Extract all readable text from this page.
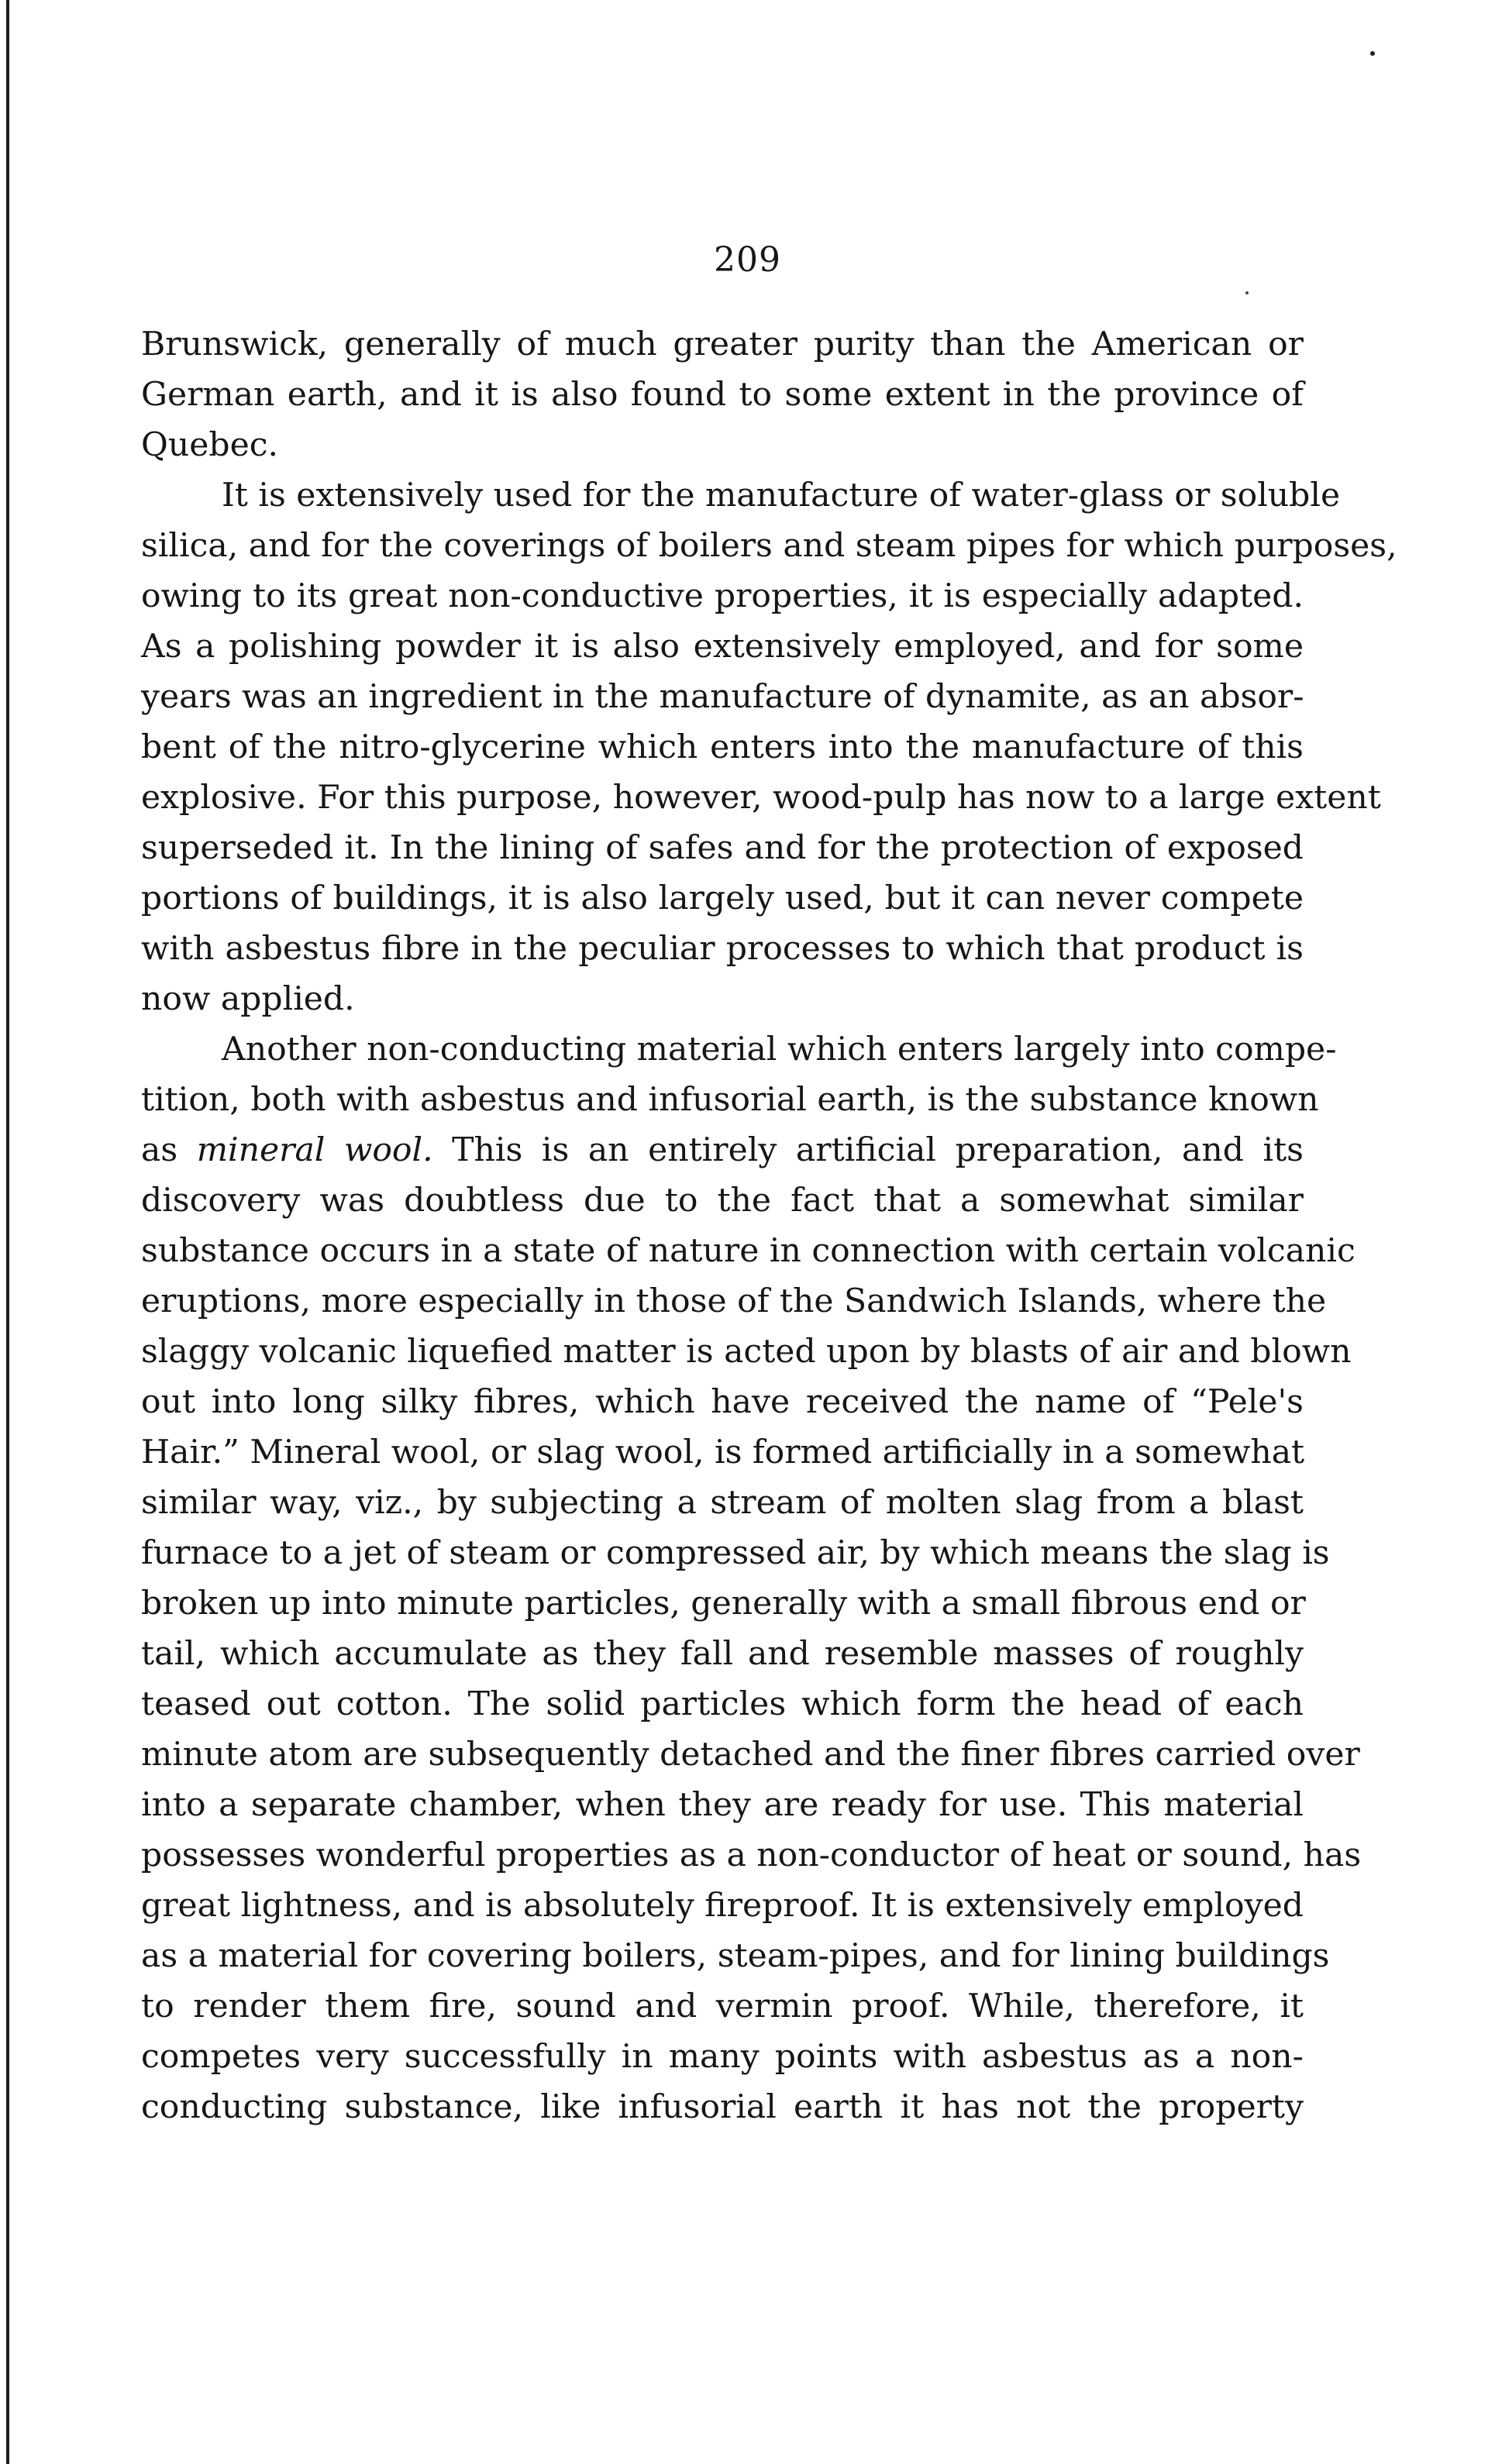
209
Brunswick, generally of much greater purity than the American or
German earth, and it is also found to some extent in the province of
Quebec.
It is extensively used for the manufacture of water-glass or soluble
silica, and for the coverings of boilers and steam pipes for which purposes,
owing to its great non-conductive properties, it is especially adapted.
As a polishing powder it is also extensively employed, and for some
years was an ingredient in the manufacture of dynamite, as an absor-
bent of the nitro-glycerine which enters into the manufacture of this
explosive. For this purpose, however, wood-pulp has now to a large extent
superseded it. In the lining of safes and for the protection of exposed
portions of buildings, it is also largely used, but it can never compete
with asbestus fibre in the peculiar processes to which that product is
now applied.
Another non-conducting material which enters largely into compe-
tition, both with asbestus and infusorial earth, is the substance known
as mineral wool. This is an entirely artificial preparation, and its
discovery was doubtless due to the fact that a somewhat similar
substance occurs in a state of nature in connection with certain volcanic
eruptions, more especially in those of the Sandwich Islands, where the
slaggy volcanic liquefied matter is acted upon by blasts of air and blown
out into long silky fibres, which have received the name of “Pele's
Hair.” Mineral wool, or slag wool, is formed artificially in a somewhat
similar way, viz., by subjecting a stream of molten slag from a blast
furnace to a jet of steam or compressed air, by which means the slag is
broken up into minute particles, generally with a small fibrous end or
tail, which accumulate as they fall and resemble masses of roughly
teased out cotton. The solid particles which form the head of each
minute atom are subsequently detached and the finer fibres carried over
into a separate chamber, when they are ready for use. This material
possesses wonderful properties as a non-conductor of heat or sound, has
great lightness, and is absolutely fireproof. It is extensively employed
as a material for covering boilers, steam-pipes, and for lining buildings
to render them fire, sound and vermin proof. While, therefore, it
competes very successfully in many points with asbestus as a non-
conducting substance, like infusorial earth it has not the property
